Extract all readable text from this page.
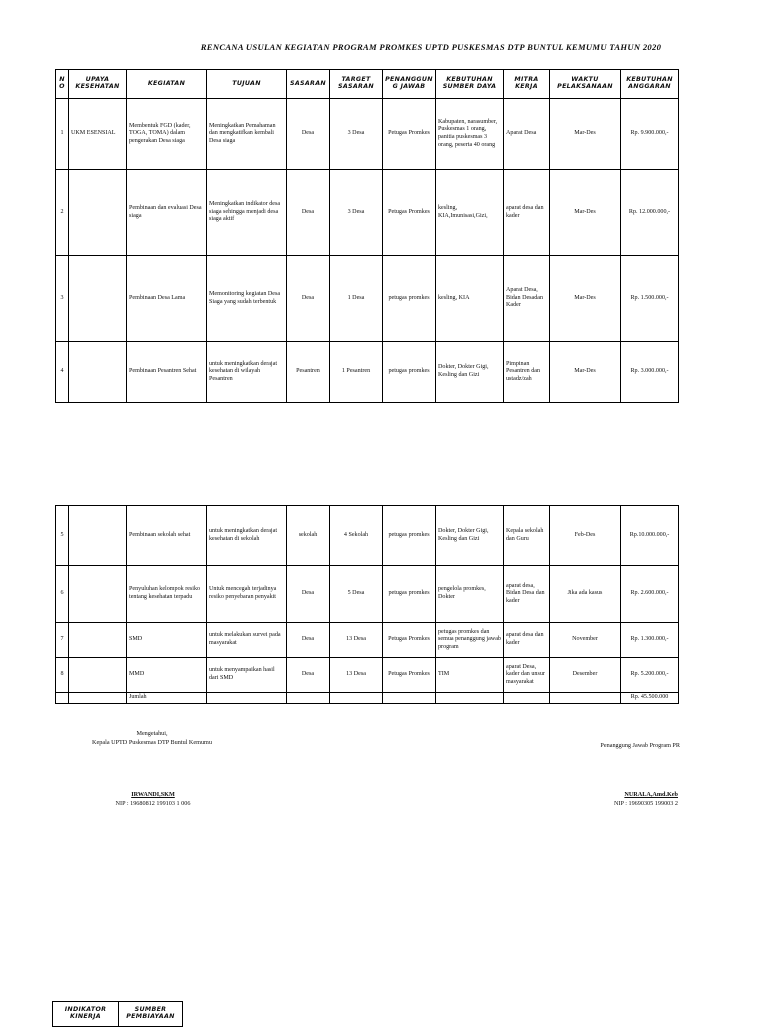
RENCANA USULAN KEGIATAN PROGRAM PROMKES UPTD PUSKESMAS DTP BUNTUL KEMUMU TAHUN 2020
NO	UPAYA KESEHATAN	KEGIATAN	TUJUAN	SASARAN	TARGET SASARAN	PENANGGUNG JAWAB	KEBUTUHAN SUMBER DAYA	MITRA KERJA	WAKTU PELAKSANAAN	KEBUTUHAN ANGGARAN
1	UKM ESENSIAL	Membentuk FGD (kader, TOGA, TOMA) dalam pengerakan Desa siaga	Meningkatkan Pemahaman dan mengkatifkan kembali Desa siaga	Desa	3 Desa	Petugas Promkes	Kabupaten, narasumber, Puskesmas 1 orang, panitia puskesmas 3 orang, peserta 40 orang	Aparat Desa	Mar-Des	Rp. 9.900.000,-
2		Pembinaan dan evaluasi Desa siaga	Meningkatkan indikator desa siaga sehingga menjadi desa siaga aktif	Desa	3 Desa	Petugas Promkes	kesling, KIA,Imunisasi,Gizi,	aparat desa dan kader	Mar-Des	Rp. 12.000.000,-
3		Pembinaan Desa Lama	Memonitoring kegiatan Desa Siaga yang sudah terbentuk	Desa	1 Desa	petugas promkes	kesling, KIA	Aparat Desa, Bidan Desadan Kader	Mar-Des	Rp. 1.500.000,-
4		Pembinaan Pesantren Sehat	untuk meningkatkan derajat kesehatan di wilayah Pesantren	Pesantren	1 Pesantren	petugas promkes	Dokter, Dokter Gigi, Kesling dan Gizi	Pimpinan Pesantren dan ustadz/zah	Mar-Des	Rp. 3.000.000,-
5		Pembinaan sekolah sehat	untuk meningkatkan derajat kesehatan di sekolah	sekolah	4 Sekolah	petugas promkes	Dokter, Dokter Gigi, Kesling dan Gizi	Kepala sekolah dan Guru	Feb-Des	Rp.10.000.000,-
6		Penyuluhan kelompok resiko tentang kesehatan terpadu	Untuk mencegah terjadinya resiko penyebaran penyakit	Desa	5 Desa	petugas promkes	pengelola promkes, Dokter	aparat desa, Bidan Desa dan kader	Jika ada kasus	Rp. 2.600.000,-
7		SMD	untuk melakukan survei pada masyarakat	Desa	13 Desa	Petugas Promkes	petugas promkes dan semua penanggung jawab program	aparat desa dan kader	November	Rp. 1.300.000,-
8		MMD	untuk menyampaikan hasil dari SMD	Desa	13 Desa	Petugas Promkes	TIM	aparat Desa, kader dan unsur masyarakat	Desember	Rp. 5.200.000,-
		Jumlah								Rp. 45.500.000
Mengetahui,
Kepala UPTD Puskesmas DTP Buntul Kemumu
IRWANDI,SKM
NIP : 19680812 199103 1 006
Penanggung Jawab Program PR
NURALA,Amd.Keb
NIP : 19690305 199003 2
INDIKATOR KINERJA	SUMBER PEMBIAYAAN
